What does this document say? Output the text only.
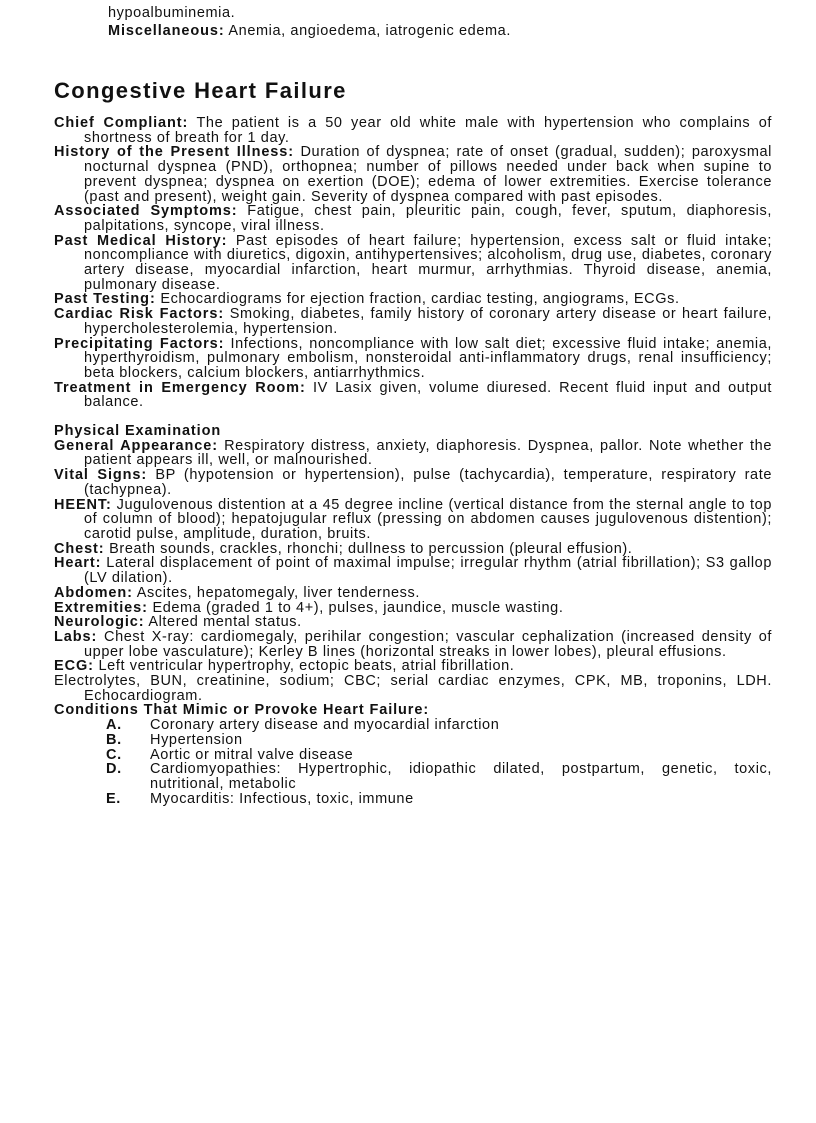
hypoalbuminemia.
Miscellaneous: Anemia, angioedema, iatrogenic edema.
Congestive Heart Failure

Chief Compliant: The patient is a 50 year old white male with hypertension who complains of shortness of breath for 1 day.

History of the Present Illness: Duration of dyspnea; rate of onset (gradual, sudden); paroxysmal nocturnal dyspnea (PND), orthopnea; number of pillows needed under back when supine to prevent dyspnea; dyspnea on exertion (DOE); edema of lower extremities. Exercise tolerance (past and present), weight gain. Severity of dyspnea compared with past episodes.

Associated Symptoms: Fatigue, chest pain, pleuritic pain, cough, fever, sputum, diaphoresis, palpitations, syncope, viral illness.

Past Medical History: Past episodes of heart failure; hypertension, excess salt or fluid intake; noncompliance with diuretics, digoxin, antihypertensives; alcoholism, drug use, diabetes, coronary artery disease, myocardial infarction, heart murmur, arrhythmias. Thyroid disease, anemia, pulmonary disease.

Past Testing: Echocardiograms for ejection fraction, cardiac testing, angiograms, ECGs.

Cardiac Risk Factors: Smoking, diabetes, family history of coronary artery disease or heart failure, hypercholesterolemia, hypertension.

Precipitating Factors: Infections, noncompliance with low salt diet; excessive fluid intake; anemia, hyperthyroidism, pulmonary embolism, nonsteroidal anti-inflammatory drugs, renal insufficiency; beta blockers, calcium blockers, antiarrhythmics.

Treatment in Emergency Room: IV Lasix given, volume diuresed. Recent fluid input and output balance.

Physical Examination

General Appearance: Respiratory distress, anxiety, diaphoresis. Dyspnea, pallor. Note whether the patient appears ill, well, or malnourished.

Vital Signs: BP (hypotension or hypertension), pulse (tachycardia), temperature, respiratory rate (tachypnea).

HEENT: Jugulovenous distention at a 45 degree incline (vertical distance from the sternal angle to top of column of blood); hepatojugular reflux (pressing on abdomen causes jugulovenous distention); carotid pulse, amplitude, duration, bruits.

Chest: Breath sounds, crackles, rhonchi; dullness to percussion (pleural effusion).

Heart: Lateral displacement of point of maximal impulse; irregular rhythm (atrial fibrillation); S3 gallop (LV dilation).

Abdomen: Ascites, hepatomegaly, liver tenderness.

Extremities: Edema (graded 1 to 4+), pulses, jaundice, muscle wasting.

Neurologic: Altered mental status.

Labs: Chest X-ray: cardiomegaly, perihilar congestion; vascular cephalization (increased density of upper lobe vasculature); Kerley B lines (horizontal streaks in lower lobes), pleural effusions.

ECG: Left ventricular hypertrophy, ectopic beats, atrial fibrillation.

Electrolytes, BUN, creatinine, sodium; CBC; serial cardiac enzymes, CPK, MB, troponins, LDH. Echocardiogram.

Conditions That Mimic or Provoke Heart Failure:

A.	Coronary artery disease and myocardial infarction
B.	Hypertension
C.	Aortic or mitral valve disease
D.	Cardiomyopathies: Hypertrophic, idiopathic dilated, postpartum, genetic, toxic, nutritional, metabolic
E.	Myocarditis: Infectious, toxic, immune
